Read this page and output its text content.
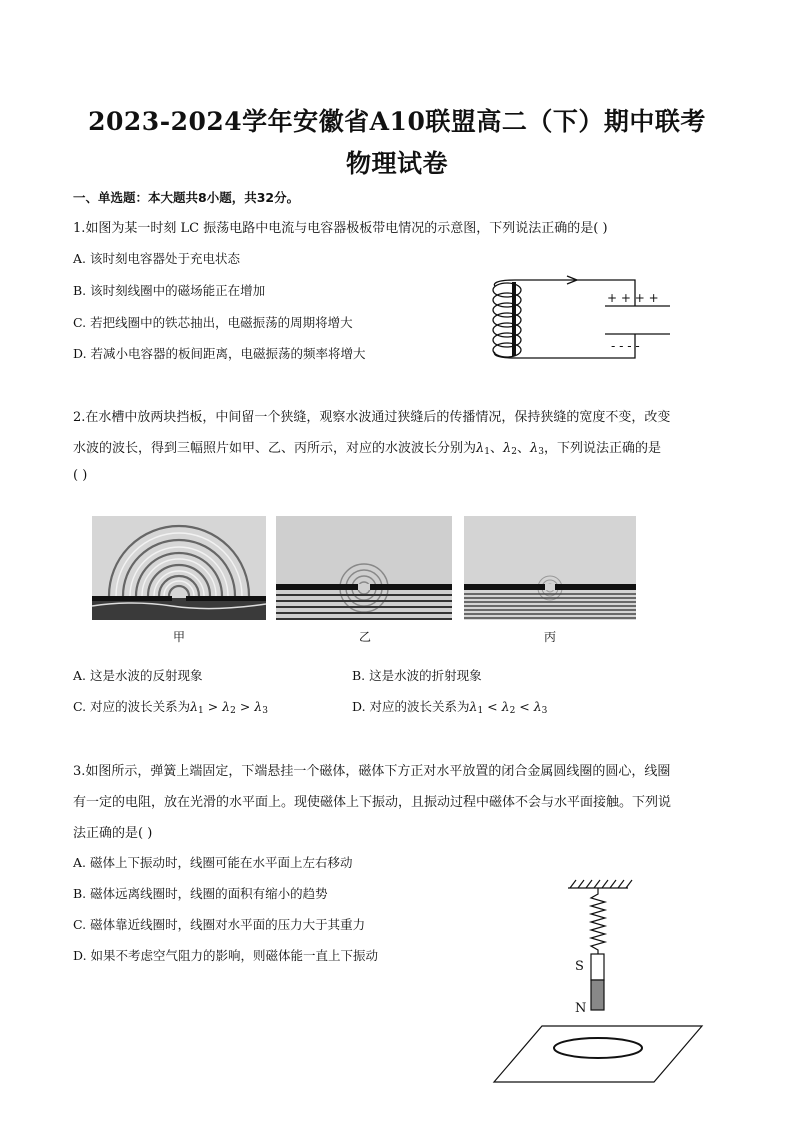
2023-2024学年安徽省A10联盟高二（下）期中联考
物理试卷
一、单选题：本大题共8小题，共32分。
1.如图为某一时刻 LC 振荡电路中电流与电容器极板带电情况的示意图，下列说法正确的是( )
A. 该时刻电容器处于充电状态
B. 该时刻线圈中的磁场能正在增加
C. 若把线圈中的铁芯抽出，电磁振荡的周期将增大
D. 若减小电容器的板间距离，电磁振荡的频率将增大
+ + + +
- - - -
2.在水槽中放两块挡板，中间留一个狭缝，观察水波通过狭缝后的传播情况，保持狭缝的宽度不变，改变
水波的波长，得到三幅照片如甲、乙、丙所示，对应的水波波长分别为$\lambda_1$、$\lambda_2$、$\lambda_3$，下列说法正确的是
( )
甲	乙	丙
A. 这是水波的反射现象	B. 这是水波的折射现象
C. 对应的波长关系为$\lambda_1 > \lambda_2 > \lambda_3$	D. 对应的波长关系为$\lambda_1 < \lambda_2 < \lambda_3$
3.如图所示，弹簧上端固定，下端悬挂一个磁体，磁体下方正对水平放置的闭合金属圆线圈的圆心，线圈
有一定的电阻，放在光滑的水平面上。现使磁体上下振动，且振动过程中磁体不会与水平面接触。下列说
法正确的是( )
A. 磁体上下振动时，线圈可能在水平面上左右移动
B. 磁体远离线圈时，线圈的面积有缩小的趋势
C. 磁体靠近线圈时，线圈对水平面的压力大于其重力
D. 如果不考虑空气阻力的影响，则磁体能一直上下振动
S
N
